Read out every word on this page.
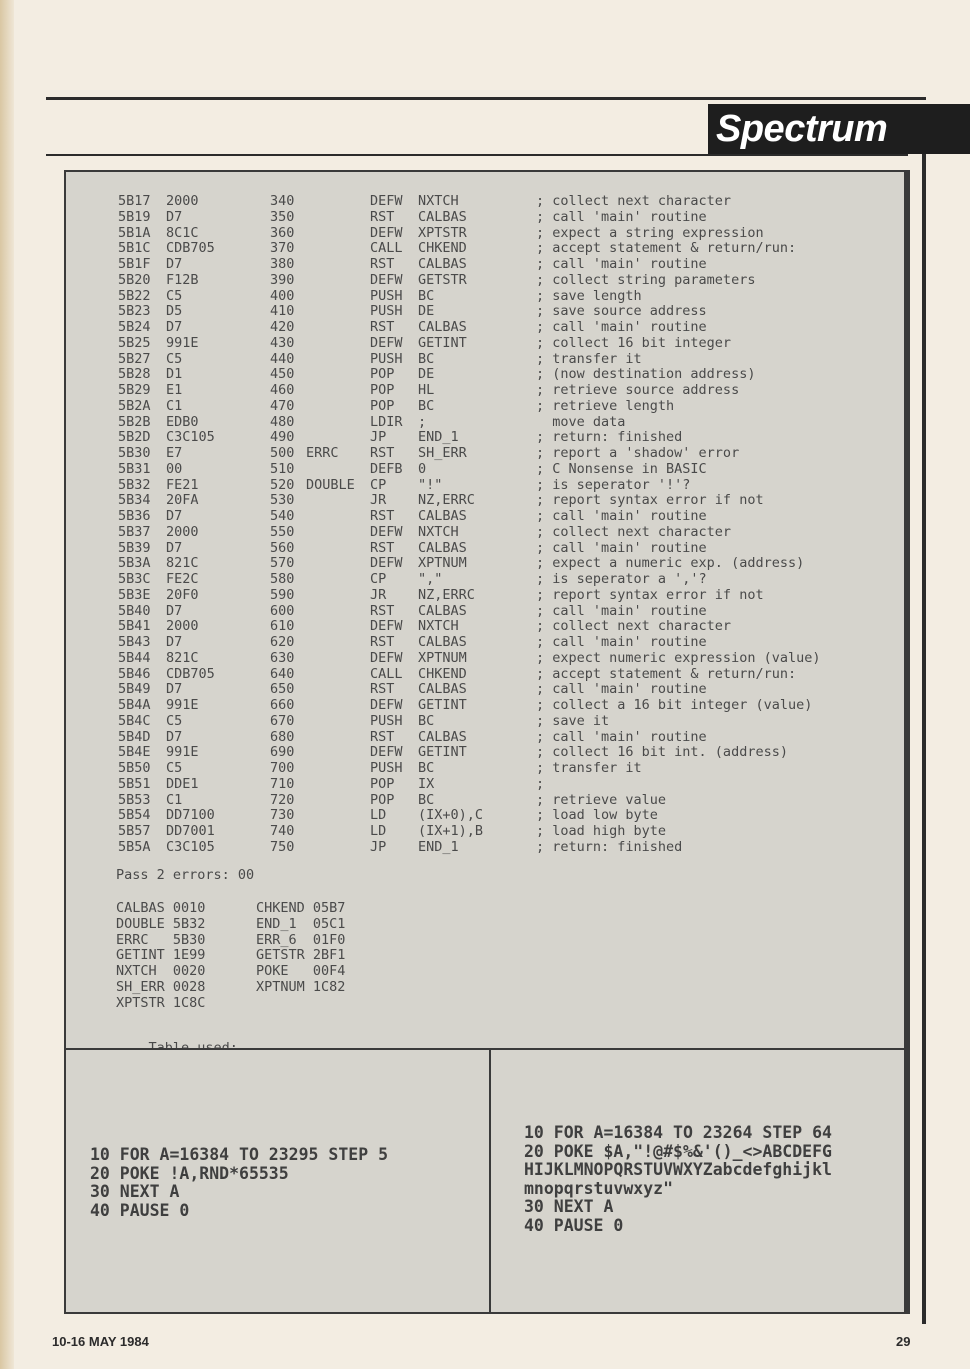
Spectrum
5B17 2000	340	DEFW NXTCH	; collect next character
5B19 D7	350	RST CALBAS	; call 'main' routine
5B1A 8C1C	360	DEFW XPTSTR	; expect a string expression
5B1C CDB705	370	CALL CHKEND	; accept statement & return/run:
5B1F D7	380	RST CALBAS	; call 'main' routine
5B20 F12B	390	DEFW GETSTR	; collect string parameters
5B22 C5	400	PUSH BC	; save length
5B23 D5	410	PUSH DE	; save source address
5B24 D7	420	RST CALBAS	; call 'main' routine
5B25 991E	430	DEFW GETINT	; collect 16 bit integer
5B27 C5	440	PUSH BC	; transfer it
5B28 D1	450	POP DE	; (now destination address)
5B29 E1	460	POP HL	; retrieve source address
5B2A C1	470	POP BC	; retrieve length
5B2B EDB0	480	LDIR ;	move data
5B2D C3C105	490	JP END_1	; return: finished
5B30 E7	500 ERRC RST SH_ERR	; report a 'shadow' error
5B31 00	510	DEFB 0	; C Nonsense in BASIC
5B32 FE21	520 DOUBLE CP "!"	; is seperator '!'?
5B34 20FA	530	JR NZ,ERRC	; report syntax error if not
5B36 D7	540	RST CALBAS	; call 'main' routine
5B37 2000	550	DEFW NXTCH	; collect next character
5B39 D7	560	RST CALBAS	; call 'main' routine
5B3A 821C	570	DEFW XPTNUM	; expect a numeric exp. (address)
5B3C FE2C	580	CP ","	; is seperator a ','?
5B3E 20F0	590	JR NZ,ERRC	; report syntax error if not
5B40 D7	600	RST CALBAS	; call 'main' routine
5B41 2000	610	DEFW NXTCH	; collect next character
5B43 D7	620	RST CALBAS	; call 'main' routine
5B44 821C	630	DEFW XPTNUM	; expect numeric expression (value)
5B46 CDB705	640	CALL CHKEND	; accept statement & return/run:
5B49 D7	650	RST CALBAS	; call 'main' routine
5B4A 991E	660	DEFW GETINT	; collect a 16 bit integer (value)
5B4C C5	670	PUSH BC	; save it
5B4D D7	680	RST CALBAS	; call 'main' routine
5B4E 991E	690	DEFW GETINT	; collect 16 bit int. (address)
5B50 C5	700	PUSH BC	; transfer it
5B51 DDE1	710	POP IX	;
5B53 C1	720	POP BC	; retrieve value
5B54 DD7100	730	LD (IX+0),C	; load low byte
5B57 DD7001	740	LD (IX+1),B	; load high byte
5B5A C3C105	750	JP END_1	; return: finished
Pass 2 errors: 00
CALBAS 0010
DOUBLE 5B32
ERRC   5B30
GETINT 1E99
NXTCH  0020
SH_ERR 0028
XPTSTR 1C8C
CHKEND 05B7
END_1  05C1
ERR_6  01F0
GETSTR 2BF1
POKE   00F4
XPTNUM 1C82

10 FOR A=16384 TO 23295 STEP 5
20 POKE !A,RND*65535
30 NEXT A
40 PAUSE 0
10 FOR A=16384 TO 23264 STEP 64
20 POKE $A,"!@#$%&'()_<>ABCDEFG
HIJKLMNOPQRSTUVWXYZabcdefghijkl
mnopqrstuvwxyz"
30 NEXT A
40 PAUSE 0
10-16 MAY 1984	29
